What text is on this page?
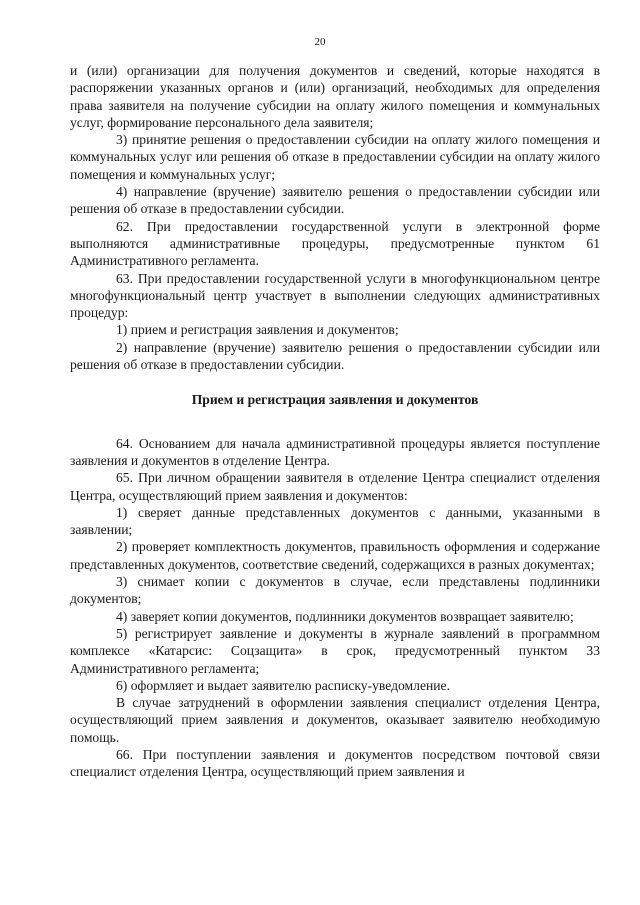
20

и (или) организации для получения документов и сведений, которые находятся в распоряжении указанных органов и (или) организаций, необходимых для определения права заявителя на получение субсидии на оплату жилого помещения и коммунальных услуг, формирование персонального дела заявителя;

3) принятие решения о предоставлении субсидии на оплату жилого помещения и коммунальных услуг или решения об отказе в предоставлении субсидии на оплату жилого помещения и коммунальных услуг;

4) направление (вручение) заявителю решения о предоставлении субсидии или решения об отказе в предоставлении субсидии.

62. При предоставлении государственной услуги в электронной форме выполняются административные процедуры, предусмотренные пунктом 61 Административного регламента.

63. При предоставлении государственной услуги в многофункциональном центре многофункциональный центр участвует в выполнении следующих административных процедур:

1) прием и регистрация заявления и документов;

2) направление (вручение) заявителю решения о предоставлении субсидии или решения об отказе в предоставлении субсидии.

Прием и регистрация заявления и документов

64. Основанием для начала административной процедуры является поступление заявления и документов в отделение Центра.

65. При личном обращении заявителя в отделение Центра специалист отделения Центра, осуществляющий прием заявления и документов:

1) сверяет данные представленных документов с данными, указанными в заявлении;

2) проверяет комплектность документов, правильность оформления и содержание представленных документов, соответствие сведений, содержащихся в разных документах;

3) снимает копии с документов в случае, если представлены подлинники документов;

4) заверяет копии документов, подлинники документов возвращает заявителю;

5) регистрирует заявление и документы в журнале заявлений в программном комплексе «Катарсис: Соцзащита» в срок, предусмотренный пунктом 33 Административного регламента;

6) оформляет и выдает заявителю расписку-уведомление.

В случае затруднений в оформлении заявления специалист отделения Центра, осуществляющий прием заявления и документов, оказывает заявителю необходимую помощь.

66. При поступлении заявления и документов посредством почтовой связи специалист отделения Центра, осуществляющий прием заявления и
